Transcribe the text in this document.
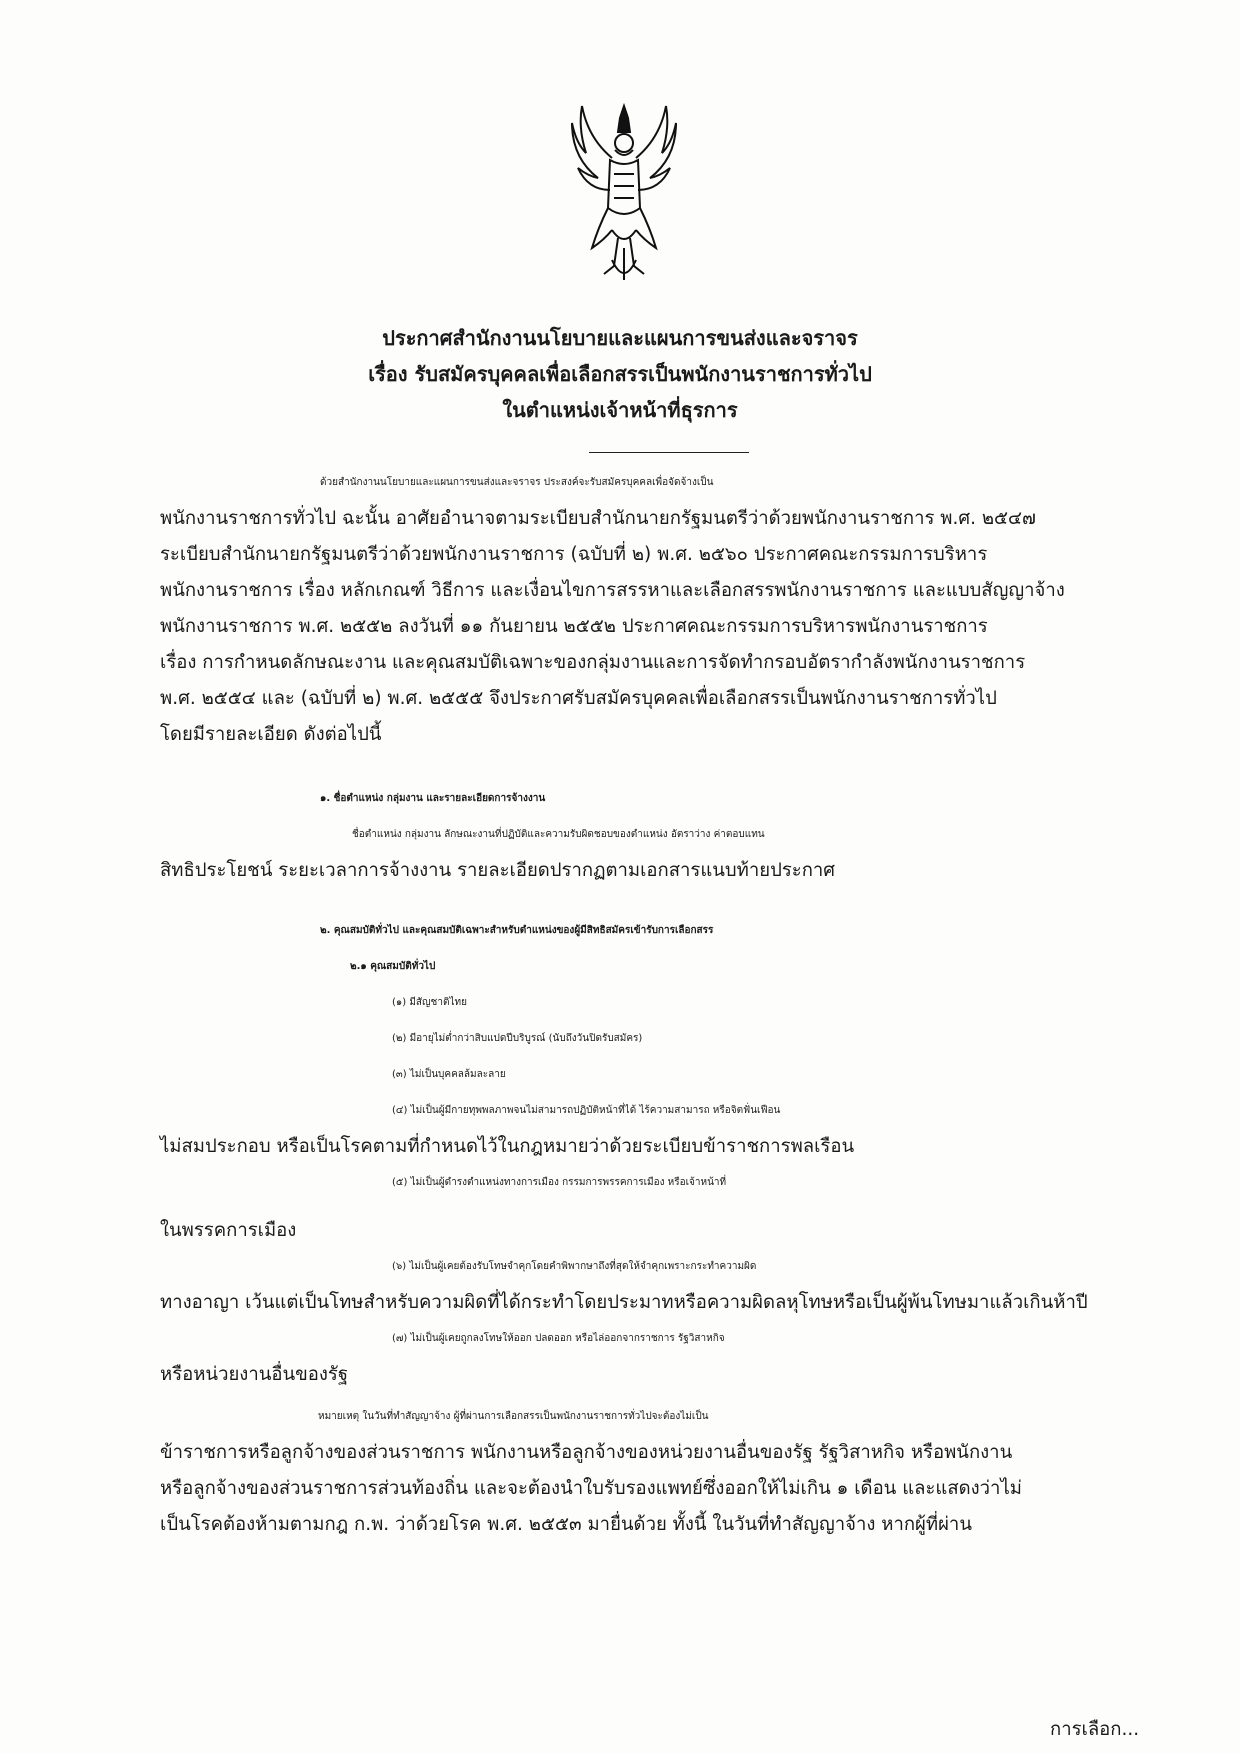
ประกาศสำนักงานนโยบายและแผนการขนส่งและจราจร
เรื่อง รับสมัครบุคคลเพื่อเลือกสรรเป็นพนักงานราชการทั่วไป
ในตำแหน่งเจ้าหน้าที่ธุรการ
ด้วยสำนักงานนโยบายและแผนการขนส่งและจราจร ประสงค์จะรับสมัครบุคคลเพื่อจัดจ้างเป็น
พนักงานราชการทั่วไป ฉะนั้น อาศัยอำนาจตามระเบียบสำนักนายกรัฐมนตรีว่าด้วยพนักงานราชการ พ.ศ. ๒๕๔๗
ระเบียบสำนักนายกรัฐมนตรีว่าด้วยพนักงานราชการ (ฉบับที่ ๒) พ.ศ. ๒๕๖๐ ประกาศคณะกรรมการบริหาร
พนักงานราชการ เรื่อง หลักเกณฑ์ วิธีการ และเงื่อนไขการสรรหาและเลือกสรรพนักงานราชการ และแบบสัญญาจ้าง
พนักงานราชการ พ.ศ. ๒๕๕๒ ลงวันที่ ๑๑ กันยายน ๒๕๕๒ ประกาศคณะกรรมการบริหารพนักงานราชการ
เรื่อง การกำหนดลักษณะงาน และคุณสมบัติเฉพาะของกลุ่มงานและการจัดทำกรอบอัตรากำลังพนักงานราชการ
พ.ศ. ๒๕๕๔ และ (ฉบับที่ ๒) พ.ศ. ๒๕๕๕ จึงประกาศรับสมัครบุคคลเพื่อเลือกสรรเป็นพนักงานราชการทั่วไป
โดยมีรายละเอียด ดังต่อไปนี้
๑. ชื่อตำแหน่ง กลุ่มงาน และรายละเอียดการจ้างงาน
ชื่อตำแหน่ง กลุ่มงาน ลักษณะงานที่ปฏิบัติและความรับผิดชอบของตำแหน่ง อัตราว่าง ค่าตอบแทน
สิทธิประโยชน์ ระยะเวลาการจ้างงาน รายละเอียดปรากฏตามเอกสารแนบท้ายประกาศ
๒. คุณสมบัติทั่วไป และคุณสมบัติเฉพาะสำหรับตำแหน่งของผู้มีสิทธิสมัครเข้ารับการเลือกสรร
๒.๑ คุณสมบัติทั่วไป
(๑) มีสัญชาติไทย
(๒) มีอายุไม่ต่ำกว่าสิบแปดปีบริบูรณ์ (นับถึงวันปิดรับสมัคร)
(๓) ไม่เป็นบุคคลล้มละลาย
(๔) ไม่เป็นผู้มีกายทุพพลภาพจนไม่สามารถปฏิบัติหน้าที่ได้ ไร้ความสามารถ หรือจิตฟั่นเฟือน
ไม่สมประกอบ หรือเป็นโรคตามที่กำหนดไว้ในกฎหมายว่าด้วยระเบียบข้าราชการพลเรือน
(๕) ไม่เป็นผู้ดำรงตำแหน่งทางการเมือง กรรมการพรรคการเมือง หรือเจ้าหน้าที่
ในพรรคการเมือง
(๖) ไม่เป็นผู้เคยต้องรับโทษจำคุกโดยคำพิพากษาถึงที่สุดให้จำคุกเพราะกระทำความผิด
ทางอาญา เว้นแต่เป็นโทษสำหรับความผิดที่ได้กระทำโดยประมาทหรือความผิดลหุโทษหรือเป็นผู้พ้นโทษมาแล้วเกินห้าปี
(๗) ไม่เป็นผู้เคยถูกลงโทษให้ออก ปลดออก หรือไล่ออกจากราชการ รัฐวิสาหกิจ
หรือหน่วยงานอื่นของรัฐ
หมายเหตุ ในวันที่ทำสัญญาจ้าง ผู้ที่ผ่านการเลือกสรรเป็นพนักงานราชการทั่วไปจะต้องไม่เป็น
ข้าราชการหรือลูกจ้างของส่วนราชการ พนักงานหรือลูกจ้างของหน่วยงานอื่นของรัฐ รัฐวิสาหกิจ หรือพนักงาน
หรือลูกจ้างของส่วนราชการส่วนท้องถิ่น และจะต้องนำใบรับรองแพทย์ซึ่งออกให้ไม่เกิน ๑ เดือน และแสดงว่าไม่
เป็นโรคต้องห้ามตามกฎ ก.พ. ว่าด้วยโรค พ.ศ. ๒๕๕๓ มายื่นด้วย ทั้งนี้ ในวันที่ทำสัญญาจ้าง หากผู้ที่ผ่าน
การเลือก...
